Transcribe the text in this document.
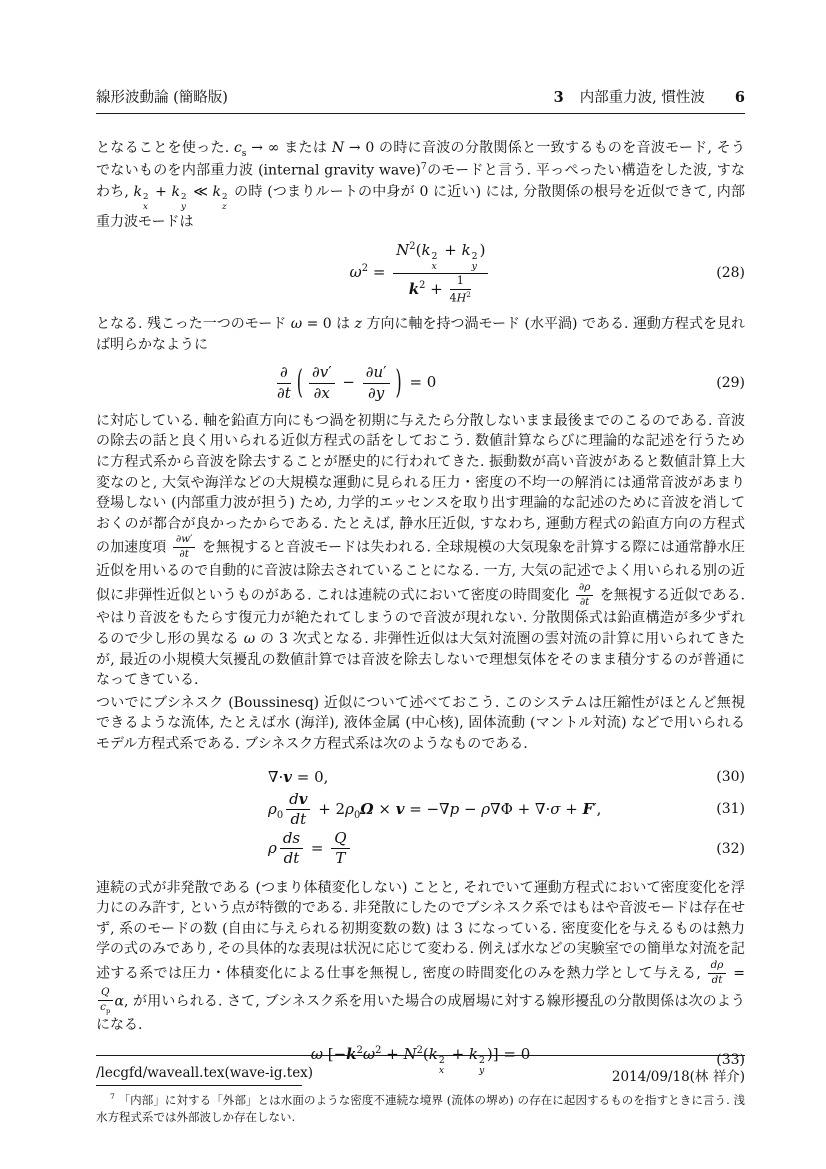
線形波動論 (簡略版)	3 内部重力波, 慣性波 6

となることを使った. $c_s$ → ∞ または N → 0 の時に音波の分散関係と一致するものを音波モード, そうでないものを内部重力波 (internal gravity wave)$^7$のモードと言う. 平っぺったい構造をした波, すなわち, k 2
x
+ k 2
y
≪ k 2
z
の時 (つまりルートの中身が 0 に近い) には, 分散関係の根号を近似できて, 内部重力波モードは

$\omega^2 = N^2(k$ 2
x
+ k 2
y
)
$k^2 + \frac{1}{4H^2}$	(28)

となる. 残こった一つのモード ω = 0 は z 方向に軸を持つ渦モード (水平渦) である. 運動方程式を見れば明らかなように

$\frac{\partial}{\partial t}$ ( $\frac{\partial v'}{\partial x} - \frac{\partial u'}{\partial y}$ ) = 0	(29)

に対応している. 軸を鉛直方向にもつ渦を初期に与えたら分散しないまま最後までのこるのである. 音波の除去の話と良く用いられる近似方程式の話をしておこう. 数値計算ならびに理論的な記述を行うために方程式系から音波を除去することが歴史的に行われてきた. 振動数が高い音波があると数値計算上大変なのと, 大気や海洋などの大規模な運動に見られる圧力・密度の不均一の解消には通常音波があまり登場しない (内部重力波が担う) ため, 力学的エッセンスを取り出す理論的な記述のために音波を消しておくのが都合が良かったからである. たとえば, 静水圧近似, すなわち, 運動方程式の鉛直方向の方程式の加速度項 $\frac{\partial w'}{\partial t}$ を無視すると音波モードは失われる. 全球規模の大気現象を計算する際には通常静水圧近似を用いるので自動的に音波は除去されていることになる. 一方, 大気の記述でよく用いられる別の近似に非弾性近似というものがある. これは連続の式において密度の時間変化 $\frac{\partial\rho}{\partial t}$ を無視する近似である. やはり音波をもたらす復元力が絶たれてしまうので音波が現れない. 分散関係式は鉛直構造が多少ずれるので少し形の異なる ω の 3 次式となる. 非弾性近似は大気対流圏の雲対流の計算に用いられてきたが, 最近の小規模大気擾乱の数値計算では音波を除去しないで理想気体をそのまま積分するのが普通になってきている.

ついでにブシネスク (Boussinesq) 近似について述べておこう. このシステムは圧縮性がほとんど無視できるような流体, たとえば水 (海洋), 液体金属 (中心核), 固体流動 (マントル対流) などで用いられるモデル方程式系である. ブシネスク方程式系は次のようなものである.

∇·v = 0,	(30)
$\rho_0 \frac{dv}{dt} + 2\rho_0\Omega \times v = -\nabla p - \rho\nabla\Phi + \nabla\cdot\sigma + F'$,	(31)
ρ $\frac{ds}{dt} = \frac{Q}{T}$	(32)

連続の式が非発散である (つまり体積変化しない) ことと, それでいて運動方程式において密度変化を浮力にのみ許す, という点が特徴的である. 非発散にしたのでブシネスク系ではもはや音波モードは存在せず, 系のモードの数 (自由に与えられる初期変数の数) は 3 になっている. 密度変化を与えるものは熱力学の式のみであり, その具体的な表現は状況に応じて変わる. 例えば水などの実験室での簡単な対流を記述する系では圧力・体積変化による仕事を無視し, 密度の時間変化のみを熱力学として与える, $\frac{d\rho}{dt}$ =
$\frac{Q}{c_p} \alpha$, が用いられる. さて, ブシネスク系を用いた場合の成層場に対する線形擾乱の分散関係は次のようになる.

ω [$-k^2\omega^2 + N^2(k$ 2
x
+ k 2
y
)] = 0	(33)

$^7$ 「内部」に対する「外部」とは水面のような密度不連続な境界 (流体の堺め) の存在に起因するものを指すときに言う. 浅水方程式系では外部波しか存在しない.

/lecgfd/waveall.tex(wave-ig.tex)	2014/09/18(林 祥介)
